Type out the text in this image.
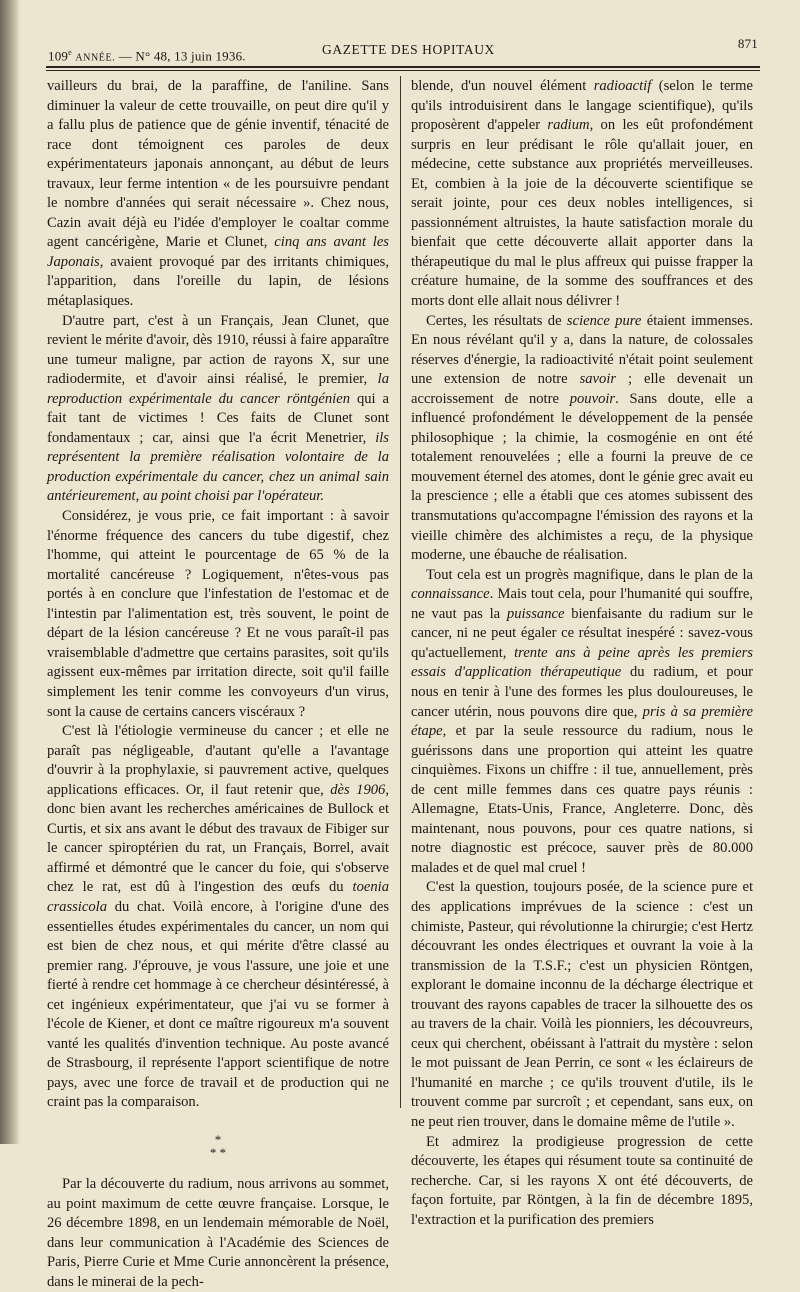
109e ANNÉE. — N° 48, 13 juin 1936.	GAZETTE DES HOPITAUX	871

vailleurs du brai, de la paraffine, de l'aniline. Sans diminuer la valeur de cette trouvaille, on peut dire qu'il y a fallu plus de patience que de génie inventif, ténacité de race dont témoignent ces paroles de deux expérimentateurs japonais annonçant, au début de leurs travaux, leur ferme intention « de les poursuivre pendant le nombre d'années qui serait nécessaire ». Chez nous, Cazin avait déjà eu l'idée d'employer le coaltar comme agent cancérigène, Marie et Clunet, cinq ans avant les Japonais, avaient provoqué par des irritants chimiques, l'apparition, dans l'oreille du lapin, de lésions métaplasiques.

D'autre part, c'est à un Français, Jean Clunet, que revient le mérite d'avoir, dès 1910, réussi à faire apparaître une tumeur maligne, par action de rayons X, sur une radiodermite, et d'avoir ainsi réalisé, le premier, la reproduction expérimentale du cancer röntgénien qui a fait tant de victimes ! Ces faits de Clunet sont fondamentaux ; car, ainsi que l'a écrit Menetrier, ils représentent la première réalisation volontaire de la production expérimentale du cancer, chez un animal sain antérieurement, au point choisi par l'opérateur.

Considérez, je vous prie, ce fait important : à savoir l'énorme fréquence des cancers du tube digestif, chez l'homme, qui atteint le pourcentage de 65 % de la mortalité cancéreuse ? Logiquement, n'êtes-vous pas portés à en conclure que l'infestation de l'estomac et de l'intestin par l'alimentation est, très souvent, le point de départ de la lésion cancéreuse ? Et ne vous paraît-il pas vraisemblable d'admettre que certains parasites, soit qu'ils agissent eux-mêmes par irritation directe, soit qu'il faille simplement les tenir comme les convoyeurs d'un virus, sont la cause de certains cancers viscéraux ?

C'est là l'étiologie vermineuse du cancer ; et elle ne paraît pas négligeable, d'autant qu'elle a l'avantage d'ouvrir à la prophylaxie, si pauvrement active, quelques applications efficaces. Or, il faut retenir que, dès 1906, donc bien avant les recherches américaines de Bullock et Curtis, et six ans avant le début des travaux de Fibiger sur le cancer spiroptérien du rat, un Français, Borrel, avait affirmé et démontré que le cancer du foie, qui s'observe chez le rat, est dû à l'ingestion des œufs du toenia crassicola du chat. Voilà encore, à l'origine d'une des essentielles études expérimentales du cancer, un nom qui est bien de chez nous, et qui mérite d'être classé au premier rang. J'éprouve, je vous l'assure, une joie et une fierté à rendre cet hommage à ce chercheur désintéressé, à cet ingénieux expérimentateur, que j'ai vu se former à l'école de Kiener, et dont ce maître rigoureux m'a souvent vanté les qualités d'invention technique. Au poste avancé de Strasbourg, il représente l'apport scientifique de notre pays, avec une force de travail et de production qui ne craint pas la comparaison.

*
* *

Par la découverte du radium, nous arrivons au sommet, au point maximum de cette œuvre française. Lorsque, le 26 décembre 1898, en un lendemain mémorable de Noël, dans leur communication à l'Académie des Sciences de Paris, Pierre Curie et Mme Curie annoncèrent la présence, dans le minerai de la pech-

blende, d'un nouvel élément radioactif (selon le terme qu'ils introduisirent dans le langage scientifique), qu'ils proposèrent d'appeler radium, on les eût profondément surpris en leur prédisant le rôle qu'allait jouer, en médecine, cette substance aux propriétés merveilleuses. Et, combien à la joie de la découverte scientifique se serait jointe, pour ces deux nobles intelligences, si passionnément altruistes, la haute satisfaction morale du bienfait que cette découverte allait apporter dans la thérapeutique du mal le plus affreux qui puisse frapper la créature humaine, de la somme des souffrances et des morts dont elle allait nous délivrer !

Certes, les résultats de science pure étaient immenses. En nous révélant qu'il y a, dans la nature, de colossales réserves d'énergie, la radioactivité n'était point seulement une extension de notre savoir ; elle devenait un accroissement de notre pouvoir. Sans doute, elle a influencé profondément le développement de la pensée philosophique ; la chimie, la cosmogénie en ont été totalement renouvelées ; elle a fourni la preuve de ce mouvement éternel des atomes, dont le génie grec avait eu la prescience ; elle a établi que ces atomes subissent des transmutations qu'accompagne l'émission des rayons et la vieille chimère des alchimistes a reçu, de la physique moderne, une ébauche de réalisation.

Tout cela est un progrès magnifique, dans le plan de la connaissance. Mais tout cela, pour l'humanité qui souffre, ne vaut pas la puissance bienfaisante du radium sur le cancer, ni ne peut égaler ce résultat inespéré : savez-vous qu'actuellement, trente ans à peine après les premiers essais d'application thérapeutique du radium, et pour nous en tenir à l'une des formes les plus douloureuses, le cancer utérin, nous pouvons dire que, pris à sa première étape, et par la seule ressource du radium, nous le guérissons dans une proportion qui atteint les quatre cinquièmes. Fixons un chiffre : il tue, annuellement, près de cent mille femmes dans ces quatre pays réunis : Allemagne, Etats-Unis, France, Angleterre. Donc, dès maintenant, nous pouvons, pour ces quatre nations, si notre diagnostic est précoce, sauver près de 80.000 malades et de quel mal cruel !

C'est la question, toujours posée, de la science pure et des applications imprévues de la science : c'est un chimiste, Pasteur, qui révolutionne la chirurgie; c'est Hertz découvrant les ondes électriques et ouvrant la voie à la transmission de la T.S.F.; c'est un physicien Röntgen, explorant le domaine inconnu de la décharge électrique et trouvant des rayons capables de tracer la silhouette des os au travers de la chair. Voilà les pionniers, les découvreurs, ceux qui cherchent, obéissant à l'attrait du mystère : selon le mot puissant de Jean Perrin, ce sont « les éclaireurs de l'humanité en marche ; ce qu'ils trouvent d'utile, ils le trouvent comme par surcroît ; et cependant, sans eux, on ne peut rien trouver, dans le domaine même de l'utile ».

Et admirez la prodigieuse progression de cette découverte, les étapes qui résument toute sa continuité de recherche. Car, si les rayons X ont été découverts, de façon fortuite, par Röntgen, à la fin de décembre 1895, l'extraction et la purification des premiers
